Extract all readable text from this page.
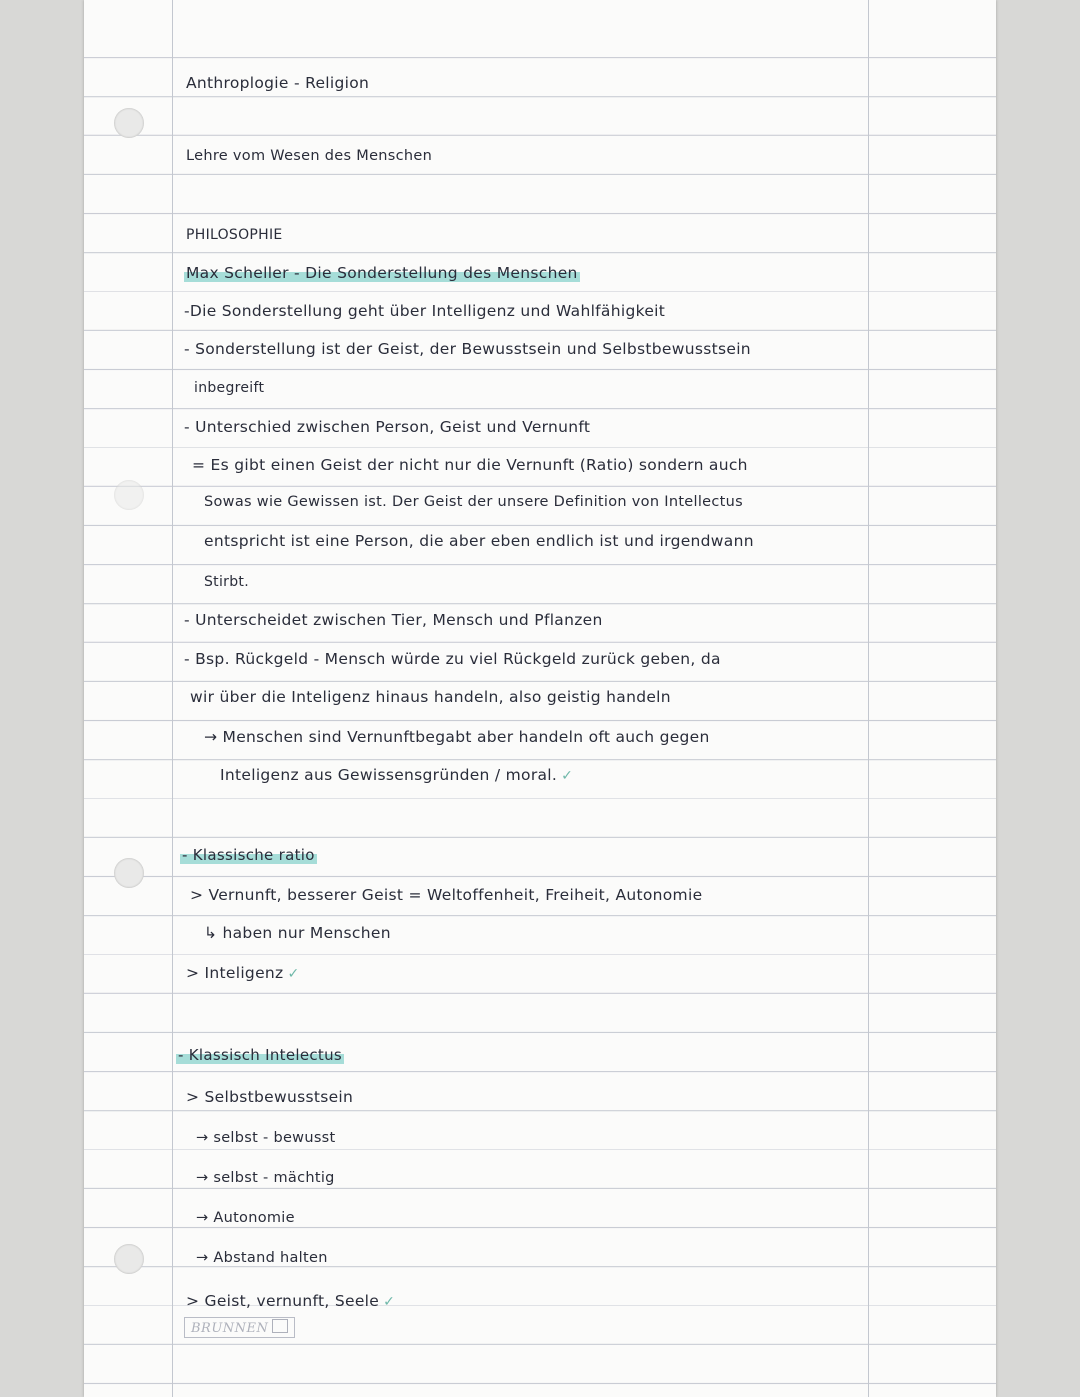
Anthroplogie - Religion
Lehre vom Wesen des Menschen
PHILOSOPHIE
Max Scheller - Die Sonderstellung des Menschen
-Die Sonderstellung geht über Intelligenz und Wahlfähigkeit
- Sonderstellung ist der Geist, der Bewusstsein und Selbstbewusstsein
inbegreift
- Unterschied zwischen Person, Geist und Vernunft
= Es gibt einen Geist der nicht nur die Vernunft (Ratio) sondern auch
Sowas wie Gewissen ist. Der Geist der unsere Definition von Intellectus
entspricht ist eine Person, die aber eben endlich ist und irgendwann
Stirbt.
- Unterscheidet zwischen Tier, Mensch und Pflanzen
- Bsp. Rückgeld - Mensch würde zu viel Rückgeld zurück geben, da
wir über die Inteligenz hinaus handeln, also geistig handeln
→ Menschen sind Vernunftbegabt aber handeln oft auch gegen
Inteligenz aus Gewissensgründen / moral. ✓
- Klassische ratio
> Vernunft, besserer Geist = Weltoffenheit, Freiheit, Autonomie
↳ haben nur Menschen
> Inteligenz ✓
- Klassisch Intelectus
> Selbstbewusstsein
→ selbst - bewusst
→ selbst - mächtig
→ Autonomie
→ Abstand halten
> Geist, vernunft, Seele ✓
BRUNNEN
